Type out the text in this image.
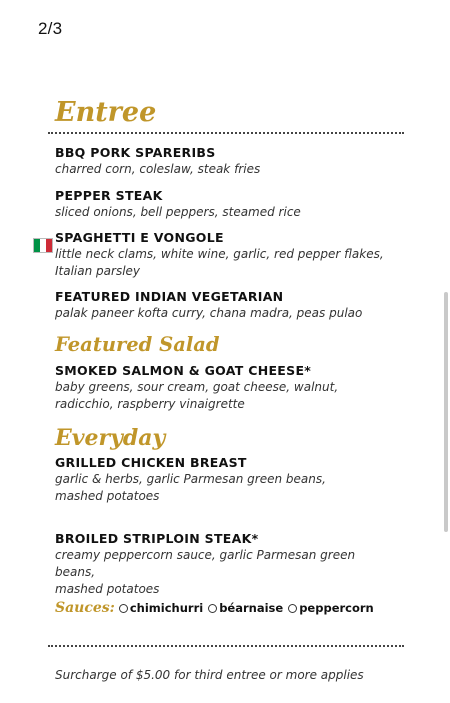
2/3
Entree
BBQ PORK SPARERIBS
charred corn, coleslaw, steak fries
PEPPER STEAK
sliced onions, bell peppers, steamed rice
SPAGHETTI E VONGOLE
little neck clams, white wine, garlic, red pepper flakes,
Italian parsley
FEATURED INDIAN VEGETARIAN
palak paneer kofta curry, chana madra, peas pulao
Featured Salad
SMOKED SALMON & GOAT CHEESE*
baby greens, sour cream, goat cheese, walnut,
radicchio, raspberry vinaigrette
Everyday
GRILLED CHICKEN BREAST
garlic & herbs, garlic Parmesan green beans,
mashed potatoes
BROILED STRIPLOIN STEAK*
creamy peppercorn sauce, garlic Parmesan green beans,
mashed potatoes
Sauces: chimichurri béarnaise peppercorn
Surcharge of $5.00 for third entree or more applies
